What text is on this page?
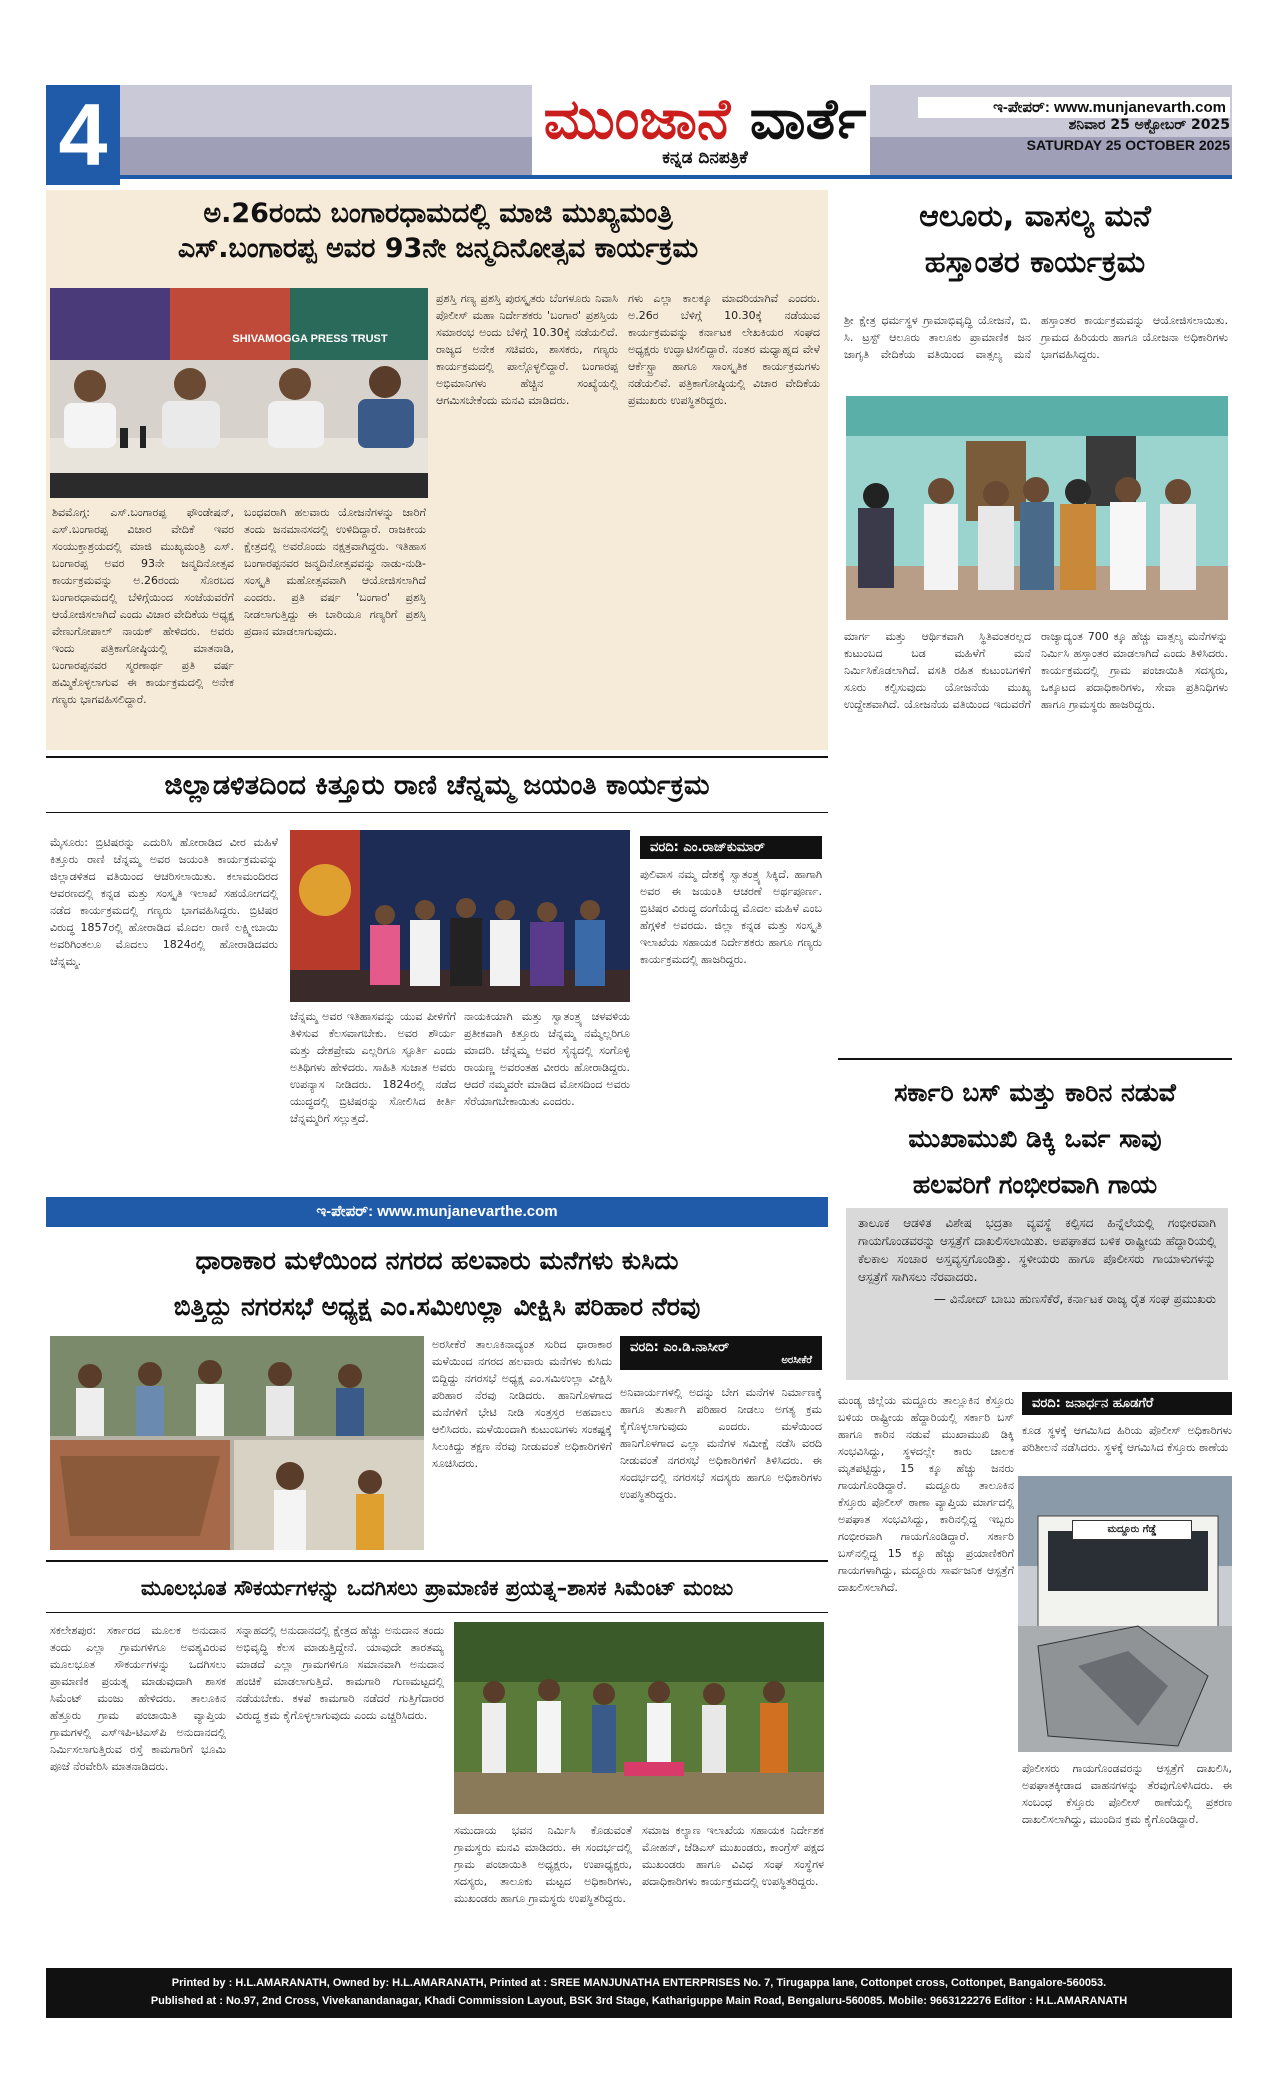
4	ಮುಂಜಾನೆ ವಾರ್ತೆ
ಕನ್ನಡ ದಿನಪತ್ರಿಕೆ
ಇ-ಪೇಪರ್: www.munjanevarth.com
ಶನಿವಾರ 25 ಅಕ್ಟೋಬರ್ 2025
SATURDAY 25 OCTOBER 2025
ಅ.26ರಂದು ಬಂಗಾರಧಾಮದಲ್ಲಿ ಮಾಜಿ ಮುಖ್ಯಮಂತ್ರಿ
ಎಸ್.ಬಂಗಾರಪ್ಪ ಅವರ 93ನೇ ಜನ್ಮದಿನೋತ್ಸವ ಕಾರ್ಯಕ್ರಮ
SHIVAMOGGA PRESS TRUST
ಶಿವಮೊಗ್ಗ: ಎಸ್.ಬಂಗಾರಪ್ಪ ಫೌಂಡೇಷನ್, ಎಸ್.ಬಂಗಾರಪ್ಪ ವಿಚಾರ ವೇದಿಕೆ ಇವರ ಸಂಯುಕ್ತಾಶ್ರಯದಲ್ಲಿ ಮಾಜಿ ಮುಖ್ಯಮಂತ್ರಿ ಎಸ್. ಬಂಗಾರಪ್ಪ ಅವರ 93ನೇ ಜನ್ಮದಿನೋತ್ಸವ ಕಾರ್ಯಕ್ರಮವನ್ನು ಅ.26ರಂದು ಸೊರಬದ ಬಂಗಾರಧಾಮದಲ್ಲಿ ಬೆಳಿಗ್ಗೆಯಿಂದ ಸಂಜೆಯವರೆಗೆ ಆಯೋಜಿಸಲಾಗಿದೆ ಎಂದು ವಿಚಾರ ವೇದಿಕೆಯ ಅಧ್ಯಕ್ಷ ವೇಣುಗೋಪಾಲ್ ನಾಯಕ್ ಹೇಳಿದರು. ಅವರು ಇಂದು ಪತ್ರಿಕಾಗೋಷ್ಠಿಯಲ್ಲಿ ಮಾತನಾಡಿ, ಬಂಗಾರಪ್ಪನವರ ಸ್ಮರಣಾರ್ಥ ಪ್ರತಿ ವರ್ಷ ಹಮ್ಮಿಕೊಳ್ಳಲಾಗುವ ಈ ಕಾರ್ಯಕ್ರಮದಲ್ಲಿ ಅನೇಕ ಗಣ್ಯರು ಭಾಗವಹಿಸಲಿದ್ದಾರೆ.
ಬಂಧವರಾಗಿ ಹಲವಾರು ಯೋಜನೆಗಳನ್ನು ಜಾರಿಗೆ ತಂದು ಜನಮಾನಸದಲ್ಲಿ ಉಳಿದಿದ್ದಾರೆ. ರಾಜಕೀಯ ಕ್ಷೇತ್ರದಲ್ಲಿ ಅವರೊಂದು ನಕ್ಷತ್ರವಾಗಿದ್ದರು. ಇತಿಹಾಸ ಬಂಗಾರಪ್ಪನವರ ಜನ್ಮದಿನೋತ್ಸವವನ್ನು ನಾಡು-ನುಡಿ-ಸಂಸ್ಕೃತಿ ಮಹೋತ್ಸವವಾಗಿ ಆಯೋಜಿಸಲಾಗಿದೆ ಎಂದರು. ಪ್ರತಿ ವರ್ಷ 'ಬಂಗಾರ' ಪ್ರಶಸ್ತಿ ನೀಡಲಾಗುತ್ತಿದ್ದು ಈ ಬಾರಿಯೂ ಗಣ್ಯರಿಗೆ ಪ್ರಶಸ್ತಿ ಪ್ರದಾನ ಮಾಡಲಾಗುವುದು.
ಪ್ರಶಸ್ತಿ ಗಣ್ಯ ಪ್ರಶಸ್ತಿ ಪುರಸ್ಕೃತರು ಬೆಂಗಳೂರು ನಿವಾಸಿ ಪೊಲೀಸ್ ಮಹಾ ನಿರ್ದೇಶಕರು 'ಬಂಗಾರ' ಪ್ರಶಸ್ತಿಯ ಸಮಾರಂಭ ಅಂದು ಬೆಳಿಗ್ಗೆ 10.30ಕ್ಕೆ ನಡೆಯಲಿದೆ. ರಾಜ್ಯದ ಅನೇಕ ಸಚಿವರು, ಶಾಸಕರು, ಗಣ್ಯರು ಕಾರ್ಯಕ್ರಮದಲ್ಲಿ ಪಾಲ್ಗೊಳ್ಳಲಿದ್ದಾರೆ. ಬಂಗಾರಪ್ಪ ಅಭಿಮಾನಿಗಳು ಹೆಚ್ಚಿನ ಸಂಖ್ಯೆಯಲ್ಲಿ ಆಗಮಿಸಬೇಕೆಂದು ಮನವಿ ಮಾಡಿದರು.
ಗಳು ಎಲ್ಲಾ ಕಾಲಕ್ಕೂ ಮಾದರಿಯಾಗಿವೆ ಎಂದರು. ಅ.26ರ ಬೆಳಿಗ್ಗೆ 10.30ಕ್ಕೆ ನಡೆಯುವ ಕಾರ್ಯಕ್ರಮವನ್ನು ಕರ್ನಾಟಕ ಲೇಖಕಿಯರ ಸಂಘದ ಅಧ್ಯಕ್ಷರು ಉದ್ಘಾಟಿಸಲಿದ್ದಾರೆ. ನಂತರ ಮಧ್ಯಾಹ್ನದ ವೇಳೆ ಆರ್ಕೆಸ್ಟ್ರಾ ಹಾಗೂ ಸಾಂಸ್ಕೃತಿಕ ಕಾರ್ಯಕ್ರಮಗಳು ನಡೆಯಲಿವೆ. ಪತ್ರಿಕಾಗೋಷ್ಠಿಯಲ್ಲಿ ವಿಚಾರ ವೇದಿಕೆಯ ಪ್ರಮುಖರು ಉಪಸ್ಥಿತರಿದ್ದರು.
ಆಲೂರು, ವಾಸಲ್ಯ ಮನೆ
ಹಸ್ತಾಂತರ ಕಾರ್ಯಕ್ರಮ
ಶ್ರೀ ಕ್ಷೇತ್ರ ಧರ್ಮಸ್ಥಳ ಗ್ರಾಮಾಭಿವೃದ್ಧಿ ಯೋಜನೆ, ಬಿ. ಸಿ. ಟ್ರಸ್ಟ್ ಆಲೂರು ತಾಲೂಕು ಪ್ರಾಮಾಣಿಕ ಜನ ಜಾಗೃತಿ ವೇದಿಕೆಯ ವತಿಯಿಂದ ವಾತ್ಸಲ್ಯ ಮನೆ ಹಸ್ತಾಂತರ ಕಾರ್ಯಕ್ರಮವನ್ನು ಆಯೋಜಿಸಲಾಯಿತು. ಗ್ರಾಮದ ಹಿರಿಯರು ಹಾಗೂ ಯೋಜನಾ ಅಧಿಕಾರಿಗಳು ಭಾಗವಹಿಸಿದ್ದರು.
ಮಾರ್ಗ ಮತ್ತು ಆರ್ಥಿಕವಾಗಿ ಸ್ಥಿತಿವಂತರಲ್ಲದ ಕುಟುಂಬದ ಬಡ ಮಹಿಳೆಗೆ ಮನೆ ನಿರ್ಮಿಸಿಕೊಡಲಾಗಿದೆ. ವಸತಿ ರಹಿತ ಕುಟುಂಬಗಳಿಗೆ ಸೂರು ಕಲ್ಪಿಸುವುದು ಯೋಜನೆಯ ಮುಖ್ಯ ಉದ್ದೇಶವಾಗಿದೆ. ಯೋಜನೆಯ ವತಿಯಿಂದ ಇದುವರೆಗೆ ರಾಜ್ಯಾದ್ಯಂತ 700 ಕ್ಕೂ ಹೆಚ್ಚು ವಾತ್ಸಲ್ಯ ಮನೆಗಳನ್ನು ನಿರ್ಮಿಸಿ ಹಸ್ತಾಂತರ ಮಾಡಲಾಗಿದೆ ಎಂದು ತಿಳಿಸಿದರು. ಕಾರ್ಯಕ್ರಮದಲ್ಲಿ ಗ್ರಾಮ ಪಂಚಾಯಿತಿ ಸದಸ್ಯರು, ಒಕ್ಕೂಟದ ಪದಾಧಿಕಾರಿಗಳು, ಸೇವಾ ಪ್ರತಿನಿಧಿಗಳು ಹಾಗೂ ಗ್ರಾಮಸ್ಥರು ಹಾಜರಿದ್ದರು.
ಜಿಲ್ಲಾಡಳಿತದಿಂದ ಕಿತ್ತೂರು ರಾಣಿ ಚೆನ್ನಮ್ಮ ಜಯಂತಿ ಕಾರ್ಯಕ್ರಮ
ವರದಿ: ಎಂ.ರಾಜ್‌ಕುಮಾರ್
ಮೈಸೂರು: ಬ್ರಿಟಿಷರನ್ನು ಎದುರಿಸಿ ಹೋರಾಡಿದ ವೀರ ಮಹಿಳೆ ಕಿತ್ತೂರು ರಾಣಿ ಚೆನ್ನಮ್ಮ ಅವರ ಜಯಂತಿ ಕಾರ್ಯಕ್ರಮವನ್ನು ಜಿಲ್ಲಾಡಳಿತದ ವತಿಯಿಂದ ಆಚರಿಸಲಾಯಿತು. ಕಲಾಮಂದಿರದ ಆವರಣದಲ್ಲಿ ಕನ್ನಡ ಮತ್ತು ಸಂಸ್ಕೃತಿ ಇಲಾಖೆ ಸಹಯೋಗದಲ್ಲಿ ನಡೆದ ಕಾರ್ಯಕ್ರಮದಲ್ಲಿ ಗಣ್ಯರು ಭಾಗವಹಿಸಿದ್ದರು. ಬ್ರಿಟಿಷರ ವಿರುದ್ಧ 1857ರಲ್ಲಿ ಹೋರಾಡಿದ ಮೊದಲ ರಾಣಿ ಲಕ್ಷ್ಮೀಬಾಯಿ ಅವರಿಗಿಂತಲೂ ಮೊದಲು 1824ರಲ್ಲಿ ಹೋರಾಡಿದವರು ಚೆನ್ನಮ್ಮ.
ಚೆನ್ನಮ್ಮ ಅವರ ಇತಿಹಾಸವನ್ನು ಯುವ ಪೀಳಿಗೆಗೆ ತಿಳಿಸುವ ಕೆಲಸವಾಗಬೇಕು. ಅವರ ಶೌರ್ಯ ಮತ್ತು ದೇಶಪ್ರೇಮ ಎಲ್ಲರಿಗೂ ಸ್ಫೂರ್ತಿ ಎಂದು ಅತಿಥಿಗಳು ಹೇಳಿದರು. ಸಾಹಿತಿ ಸುಜಾತ ಅವರು ಉಪನ್ಯಾಸ ನೀಡಿದರು. 1824ರಲ್ಲಿ ನಡೆದ ಯುದ್ಧದಲ್ಲಿ ಬ್ರಿಟಿಷರನ್ನು ಸೋಲಿಸಿದ ಕೀರ್ತಿ ಚೆನ್ನಮ್ಮರಿಗೆ ಸಲ್ಲುತ್ತದೆ.
ನಾಯಕಿಯಾಗಿ ಮತ್ತು ಸ್ವಾತಂತ್ರ್ಯ ಚಳವಳಿಯ ಪ್ರತೀಕವಾಗಿ ಕಿತ್ತೂರು ಚೆನ್ನಮ್ಮ ನಮ್ಮೆಲ್ಲರಿಗೂ ಮಾದರಿ. ಚೆನ್ನಮ್ಮ ಅವರ ಸೈನ್ಯದಲ್ಲಿ ಸಂಗೊಳ್ಳಿ ರಾಯಣ್ಣ ಅವರಂತಹ ವೀರರು ಹೋರಾಡಿದ್ದರು. ಆದರೆ ನಮ್ಮವರೇ ಮಾಡಿದ ಮೋಸದಿಂದ ಅವರು ಸೆರೆಯಾಗಬೇಕಾಯಿತು ಎಂದರು.
ಪುಲಿವಾಸ ನಮ್ಮ ದೇಶಕ್ಕೆ ಸ್ವಾತಂತ್ರ್ಯ ಸಿಕ್ಕಿದೆ. ಹಾಗಾಗಿ ಅವರ ಈ ಜಯಂತಿ ಆಚರಣೆ ಅರ್ಥಪೂರ್ಣ. ಬ್ರಿಟಿಷರ ವಿರುದ್ಧ ದಂಗೆಯೆದ್ದ ಮೊದಲ ಮಹಿಳೆ ಎಂಬ ಹೆಗ್ಗಳಿಕೆ ಅವರದು. ಜಿಲ್ಲಾ ಕನ್ನಡ ಮತ್ತು ಸಂಸ್ಕೃತಿ ಇಲಾಖೆಯ ಸಹಾಯಕ ನಿರ್ದೇಶಕರು ಹಾಗೂ ಗಣ್ಯರು ಕಾರ್ಯಕ್ರಮದಲ್ಲಿ ಹಾಜರಿದ್ದರು.
ಇ-ಪೇಪರ್: www.munjanevarthe.com
ಸರ್ಕಾರಿ ಬಸ್ ಮತ್ತು ಕಾರಿನ ನಡುವೆ
ಮುಖಾಮುಖಿ ಡಿಕ್ಕಿ ಒರ್ವ ಸಾವು
ಹಲವರಿಗೆ ಗಂಭೀರವಾಗಿ ಗಾಯ
ತಾಲೂಕ ಆಡಳಿತ ವಿಶೇಷ ಭದ್ರತಾ ವ್ಯವಸ್ಥೆ ಕಲ್ಪಿಸದ ಹಿನ್ನೆಲೆಯಲ್ಲಿ ಗಂಭೀರವಾಗಿ ಗಾಯಗೊಂಡವರನ್ನು ಆಸ್ಪತ್ರೆಗೆ ದಾಖಲಿಸಲಾಯಿತು. ಅಪಘಾತದ ಬಳಿಕ ರಾಷ್ಟ್ರೀಯ ಹೆದ್ದಾರಿಯಲ್ಲಿ ಕೆಲಕಾಲ ಸಂಚಾರ ಅಸ್ತವ್ಯಸ್ತಗೊಂಡಿತ್ತು. ಸ್ಥಳೀಯರು ಹಾಗೂ ಪೊಲೀಸರು ಗಾಯಾಳುಗಳನ್ನು ಆಸ್ಪತ್ರೆಗೆ ಸಾಗಿಸಲು ನೆರವಾದರು.
— ವಿನೋದ್ ಬಾಬು ಹುಣಸೆಕೆರೆ, ಕರ್ನಾಟಕ ರಾಜ್ಯ ರೈತ ಸಂಘ ಪ್ರಮುಖರು
ಮಂಡ್ಯ ಜಿಲ್ಲೆಯ ಮದ್ದೂರು ತಾಲ್ಲೂಕಿನ ಕೆಸ್ತೂರು ಬಳಿಯ ರಾಷ್ಟ್ರೀಯ ಹೆದ್ದಾರಿಯಲ್ಲಿ ಸರ್ಕಾರಿ ಬಸ್ ಹಾಗೂ ಕಾರಿನ ನಡುವೆ ಮುಖಾಮುಖಿ ಡಿಕ್ಕಿ ಸಂಭವಿಸಿದ್ದು, ಸ್ಥಳದಲ್ಲೇ ಕಾರು ಚಾಲಕ ಮೃತಪಟ್ಟಿದ್ದು, 15 ಕ್ಕೂ ಹೆಚ್ಚು ಜನರು ಗಾಯಗೊಂಡಿದ್ದಾರೆ. ಮದ್ದೂರು ತಾಲೂಕಿನ ಕೆಸ್ತೂರು ಪೊಲೀಸ್ ಠಾಣಾ ವ್ಯಾಪ್ತಿಯ ಮಾರ್ಗದಲ್ಲಿ ಅಪಘಾತ ಸಂಭವಿಸಿದ್ದು, ಕಾರಿನಲ್ಲಿದ್ದ ಇಬ್ಬರು ಗಂಭೀರವಾಗಿ ಗಾಯಗೊಂಡಿದ್ದಾರೆ. ಸರ್ಕಾರಿ ಬಸ್‌ನಲ್ಲಿದ್ದ 15 ಕ್ಕೂ ಹೆಚ್ಚು ಪ್ರಯಾಣಿಕರಿಗೆ ಗಾಯಗಳಾಗಿದ್ದು, ಮದ್ದೂರು ಸಾರ್ವಜನಿಕ ಆಸ್ಪತ್ರೆಗೆ ದಾಖಲಿಸಲಾಗಿದೆ.
ವರದಿ: ಜನಾರ್ಧನ ಹೂಡಗೆರೆ
ಕೂಡ ಸ್ಥಳಕ್ಕೆ ಆಗಮಿಸಿದ ಹಿರಿಯ ಪೊಲೀಸ್ ಅಧಿಕಾರಿಗಳು ಪರಿಶೀಲನೆ ನಡೆಸಿದರು. ಸ್ಥಳಕ್ಕೆ ಆಗಮಿಸಿದ ಕೆಸ್ತೂರು ಠಾಣೆಯ
ಮದ್ದೂರು ಗೆಡ್ಡೆ
ಪೊಲೀಸರು ಗಾಯಗೊಂಡವರನ್ನು ಆಸ್ಪತ್ರೆಗೆ ದಾಖಲಿಸಿ, ಅಪಘಾತಕ್ಕೀಡಾದ ವಾಹನಗಳನ್ನು ತೆರವುಗೊಳಿಸಿದರು. ಈ ಸಂಬಂಧ ಕೆಸ್ತೂರು ಪೊಲೀಸ್ ಠಾಣೆಯಲ್ಲಿ ಪ್ರಕರಣ ದಾಖಲಿಸಲಾಗಿದ್ದು, ಮುಂದಿನ ಕ್ರಮ ಕೈಗೊಂಡಿದ್ದಾರೆ.
ಧಾರಾಕಾರ ಮಳೆಯಿಂದ ನಗರದ ಹಲವಾರು ಮನೆಗಳು ಕುಸಿದು
ಬಿತ್ತಿದ್ದು ನಗರಸಭೆ ಅಧ್ಯಕ್ಷ ಎಂ.ಸಮಿಉಲ್ಲಾ ವೀಕ್ಷಿಸಿ ಪರಿಹಾರ ನೆರವು
ಅರಸೀಕೆರೆ ತಾಲೂಕಿನಾದ್ಯಂತ ಸುರಿದ ಧಾರಾಕಾರ ಮಳೆಯಿಂದ ನಗರದ ಹಲವಾರು ಮನೆಗಳು ಕುಸಿದು ಬಿದ್ದಿದ್ದು ನಗರಸಭೆ ಅಧ್ಯಕ್ಷ ಎಂ.ಸಮಿಉಲ್ಲಾ ವೀಕ್ಷಿಸಿ ಪರಿಹಾರ ನೆರವು ನೀಡಿದರು. ಹಾನಿಗೊಳಗಾದ ಮನೆಗಳಿಗೆ ಭೇಟಿ ನೀಡಿ ಸಂತ್ರಸ್ತರ ಅಹವಾಲು ಆಲಿಸಿದರು. ಮಳೆಯಿಂದಾಗಿ ಕುಟುಂಬಗಳು ಸಂಕಷ್ಟಕ್ಕೆ ಸಿಲುಕಿದ್ದು ತಕ್ಷಣ ನೆರವು ನೀಡುವಂತೆ ಅಧಿಕಾರಿಗಳಿಗೆ ಸೂಚಿಸಿದರು.
ವರದಿ: ಎಂ.ಡಿ.ನಾಸೀರ್
ಅರಸೀಕೆರೆ
ಅನಿವಾರ್ಯಗಳಲ್ಲಿ ಅದನ್ನು ಬೇಗ ಮನೆಗಳ ನಿರ್ಮಾಣಕ್ಕೆ ಹಾಗೂ ತುರ್ತಾಗಿ ಪರಿಹಾರ ನೀಡಲು ಅಗತ್ಯ ಕ್ರಮ ಕೈಗೊಳ್ಳಲಾಗುವುದು ಎಂದರು. ಮಳೆಯಿಂದ ಹಾನಿಗೊಳಗಾದ ಎಲ್ಲಾ ಮನೆಗಳ ಸಮೀಕ್ಷೆ ನಡೆಸಿ ವರದಿ ನೀಡುವಂತೆ ನಗರಸಭೆ ಅಧಿಕಾರಿಗಳಿಗೆ ತಿಳಿಸಿದರು. ಈ ಸಂದರ್ಭದಲ್ಲಿ ನಗರಸಭೆ ಸದಸ್ಯರು ಹಾಗೂ ಅಧಿಕಾರಿಗಳು ಉಪಸ್ಥಿತರಿದ್ದರು.
ಮೂಲಭೂತ ಸೌಕರ್ಯಗಳನ್ನು ಒದಗಿಸಲು ಪ್ರಾಮಾಣಿಕ ಪ್ರಯತ್ನ–ಶಾಸಕ ಸಿಮೆಂಟ್ ಮಂಜು
ಸಕಲೇಶಪುರ: ಸರ್ಕಾರದ ಮೂಲಕ ಅನುದಾನ ತಂದು ಎಲ್ಲಾ ಗ್ರಾಮಗಳಿಗೂ ಅವಶ್ಯವಿರುವ ಮೂಲಭೂತ ಸೌಕರ್ಯಗಳನ್ನು ಒದಗಿಸಲು ಪ್ರಾಮಾಣಿಕ ಪ್ರಯತ್ನ ಮಾಡುವುದಾಗಿ ಶಾಸಕ ಸಿಮೆಂಟ್ ಮಂಜು ಹೇಳಿದರು. ತಾಲೂಕಿನ ಹೆತ್ತೂರು ಗ್ರಾಮ ಪಂಚಾಯಿತಿ ವ್ಯಾಪ್ತಿಯ ಗ್ರಾಮಗಳಲ್ಲಿ ಎಸ್‌ಇಪಿ-ಟಿಎಸ್‌ಪಿ ಅನುದಾನದಲ್ಲಿ ನಿರ್ಮಿಸಲಾಗುತ್ತಿರುವ ರಸ್ತೆ ಕಾಮಗಾರಿಗೆ ಭೂಮಿ ಪೂಜೆ ನೆರವೇರಿಸಿ ಮಾತನಾಡಿದರು.
ಸನ್ನಾಹದಲ್ಲಿ ಅನುದಾನದಲ್ಲಿ ಕ್ಷೇತ್ರದ ಹೆಚ್ಚು ಅನುದಾನ ತಂದು ಅಭಿವೃದ್ಧಿ ಕೆಲಸ ಮಾಡುತ್ತಿದ್ದೇನೆ. ಯಾವುದೇ ತಾರತಮ್ಯ ಮಾಡದೆ ಎಲ್ಲಾ ಗ್ರಾಮಗಳಿಗೂ ಸಮಾನವಾಗಿ ಅನುದಾನ ಹಂಚಿಕೆ ಮಾಡಲಾಗುತ್ತಿದೆ. ಕಾಮಗಾರಿ ಗುಣಮಟ್ಟದಲ್ಲಿ ನಡೆಯಬೇಕು. ಕಳಪೆ ಕಾಮಗಾರಿ ನಡೆದರೆ ಗುತ್ತಿಗೆದಾರರ ವಿರುದ್ಧ ಕ್ರಮ ಕೈಗೊಳ್ಳಲಾಗುವುದು ಎಂದು ಎಚ್ಚರಿಸಿದರು.
ಸಮುದಾಯ ಭವನ ನಿರ್ಮಿಸಿ ಕೊಡುವಂತೆ ಗ್ರಾಮಸ್ಥರು ಮನವಿ ಮಾಡಿದರು. ಈ ಸಂದರ್ಭದಲ್ಲಿ ಗ್ರಾಮ ಪಂಚಾಯಿತಿ ಅಧ್ಯಕ್ಷರು, ಉಪಾಧ್ಯಕ್ಷರು, ಸದಸ್ಯರು, ತಾಲೂಕು ಮಟ್ಟದ ಅಧಿಕಾರಿಗಳು, ಮುಖಂಡರು ಹಾಗೂ ಗ್ರಾಮಸ್ಥರು ಉಪಸ್ಥಿತರಿದ್ದರು.
ಸಮಾಜ ಕಲ್ಯಾಣ ಇಲಾಖೆಯ ಸಹಾಯಕ ನಿರ್ದೇಶಕ ಮೋಹನ್, ಜೆಡಿಎಸ್ ಮುಖಂಡರು, ಕಾಂಗ್ರೆಸ್ ಪಕ್ಷದ ಮುಖಂಡರು ಹಾಗೂ ವಿವಿಧ ಸಂಘ ಸಂಸ್ಥೆಗಳ ಪದಾಧಿಕಾರಿಗಳು ಕಾರ್ಯಕ್ರಮದಲ್ಲಿ ಉಪಸ್ಥಿತರಿದ್ದರು.
Printed by : H.L.AMARANATH, Owned by: H.L.AMARANATH, Printed at : SREE MANJUNATHA ENTERPRISES No. 7, Tirugappa lane, Cottonpet cross, Cottonpet, Bangalore-560053.
Published at : No.97, 2nd Cross, Vivekanandanagar, Khadi Commission Layout, BSK 3rd Stage, Kathariguppe Main Road, Bengaluru-560085. Mobile: 9663122276 Editor : H.L.AMARANATH
